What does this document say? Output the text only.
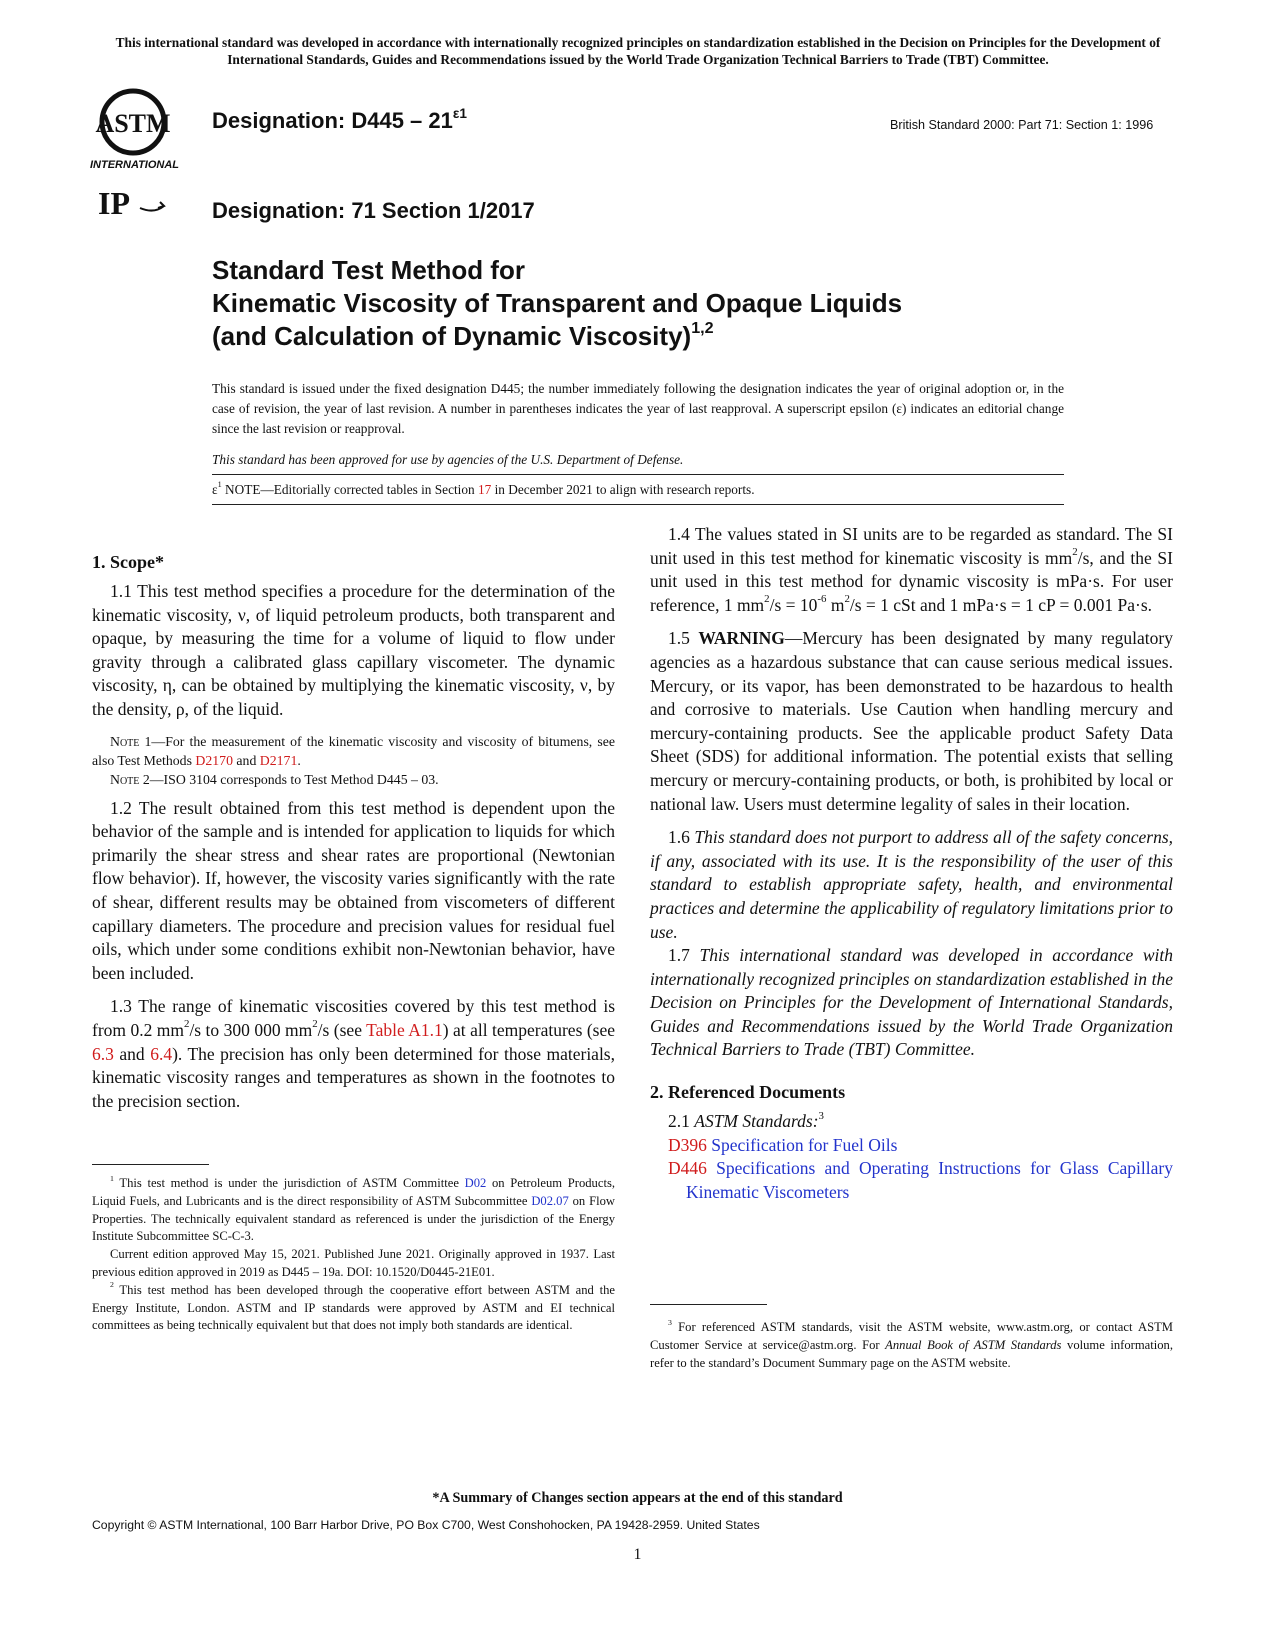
This international standard was developed in accordance with internationally recognized principles on standardization established in the Decision on Principles for the Development of International Standards, Guides and Recommendations issued by the World Trade Organization Technical Barriers to Trade (TBT) Committee.
ASTM
INTERNATIONAL
IP
Designation: $D445 - 21^{\varepsilon 1}$
British Standard 2000: Part 71: Section 1: 1996
Designation: 71 Section 1/2017
Standard Test Method for
Kinematic Viscosity of Transparent and Opaque Liquids
(and Calculation of Dynamic Viscosity)$^{1,2}$
This standard is issued under the fixed designation D445; the number immediately following the designation indicates the year of original adoption or, in the case of revision, the year of last revision. A number in parentheses indicates the year of last reapproval. A superscript epsilon (ε) indicates an editorial change since the last revision or reapproval.
This standard has been approved for use by agencies of the U.S. Department of Defense.
$\varepsilon^1$ NOTE—Editorially corrected tables in Section 17 in December 2021 to align with research reports.

1. Scope*

1.1 This test method specifies a procedure for the determination of the kinematic viscosity, ν, of liquid petroleum products, both transparent and opaque, by measuring the time for a volume of liquid to flow under gravity through a calibrated glass capillary viscometer. The dynamic viscosity, η, can be obtained by multiplying the kinematic viscosity, ν, by the density, ρ, of the liquid.

Note 1—For the measurement of the kinematic viscosity and viscosity of bitumens, see also Test Methods D2170 and D2171.

Note 2—ISO 3104 corresponds to Test Method D445 – 03.

1.2 The result obtained from this test method is dependent upon the behavior of the sample and is intended for application to liquids for which primarily the shear stress and shear rates are proportional (Newtonian flow behavior). If, however, the viscosity varies significantly with the rate of shear, different results may be obtained from viscometers of different capillary diameters. The procedure and precision values for residual fuel oils, which under some conditions exhibit non-Newtonian behavior, have been included.

1.3 The range of kinematic viscosities covered by this test method is from 0.2 $mm^2/s$ to 300 000 $mm^2/s$ (see Table A1.1) at all temperatures (see 6.3 and 6.4). The precision has only been determined for those materials, kinematic viscosity ranges and temperatures as shown in the footnotes to the precision section.

$^1$ This test method is under the jurisdiction of ASTM Committee D02 on Petroleum Products, Liquid Fuels, and Lubricants and is the direct responsibility of ASTM Subcommittee D02.07 on Flow Properties. The technically equivalent standard as referenced is under the jurisdiction of the Energy Institute Subcommittee SC-C-3.

Current edition approved May 15, 2021. Published June 2021. Originally approved in 1937. Last previous edition approved in 2019 as D445 – 19a. DOI: 10.1520/D0445-21E01.

$^2$ This test method has been developed through the cooperative effort between ASTM and the Energy Institute, London. ASTM and IP standards were approved by ASTM and EI technical committees as being technically equivalent but that does not imply both standards are identical.

1.4 The values stated in SI units are to be regarded as standard. The SI unit used in this test method for kinematic viscosity is $mm^2/s$, and the SI unit used in this test method for dynamic viscosity is mPa·s. For user reference, 1 $mm^2/s = 10^{-6}$ $m^2/s = 1$ cSt and 1 mPa·s = 1 cP = 0.001 Pa·s.

1.5 WARNING—Mercury has been designated by many regulatory agencies as a hazardous substance that can cause serious medical issues. Mercury, or its vapor, has been demonstrated to be hazardous to health and corrosive to materials. Use Caution when handling mercury and mercury-containing products. See the applicable product Safety Data Sheet (SDS) for additional information. The potential exists that selling mercury or mercury-containing products, or both, is prohibited by local or national law. Users must determine legality of sales in their location.

1.6 This standard does not purport to address all of the safety concerns, if any, associated with its use. It is the responsibility of the user of this standard to establish appropriate safety, health, and environmental practices and determine the applicability of regulatory limitations prior to use.

1.7 This international standard was developed in accordance with internationally recognized principles on standardization established in the Decision on Principles for the Development of International Standards, Guides and Recommendations issued by the World Trade Organization Technical Barriers to Trade (TBT) Committee.

2. Referenced Documents

2.1 ASTM Standards:$^3$

D396 Specification for Fuel Oils

D446 Specifications and Operating Instructions for Glass Capillary Kinematic Viscometers

$^3$ For referenced ASTM standards, visit the ASTM website, www.astm.org, or contact ASTM Customer Service at service@astm.org. For Annual Book of ASTM Standards volume information, refer to the standard’s Document Summary page on the ASTM website.

*A Summary of Changes section appears at the end of this standard
Copyright © ASTM International, 100 Barr Harbor Drive, PO Box C700, West Conshohocken, PA 19428-2959. United States
1
